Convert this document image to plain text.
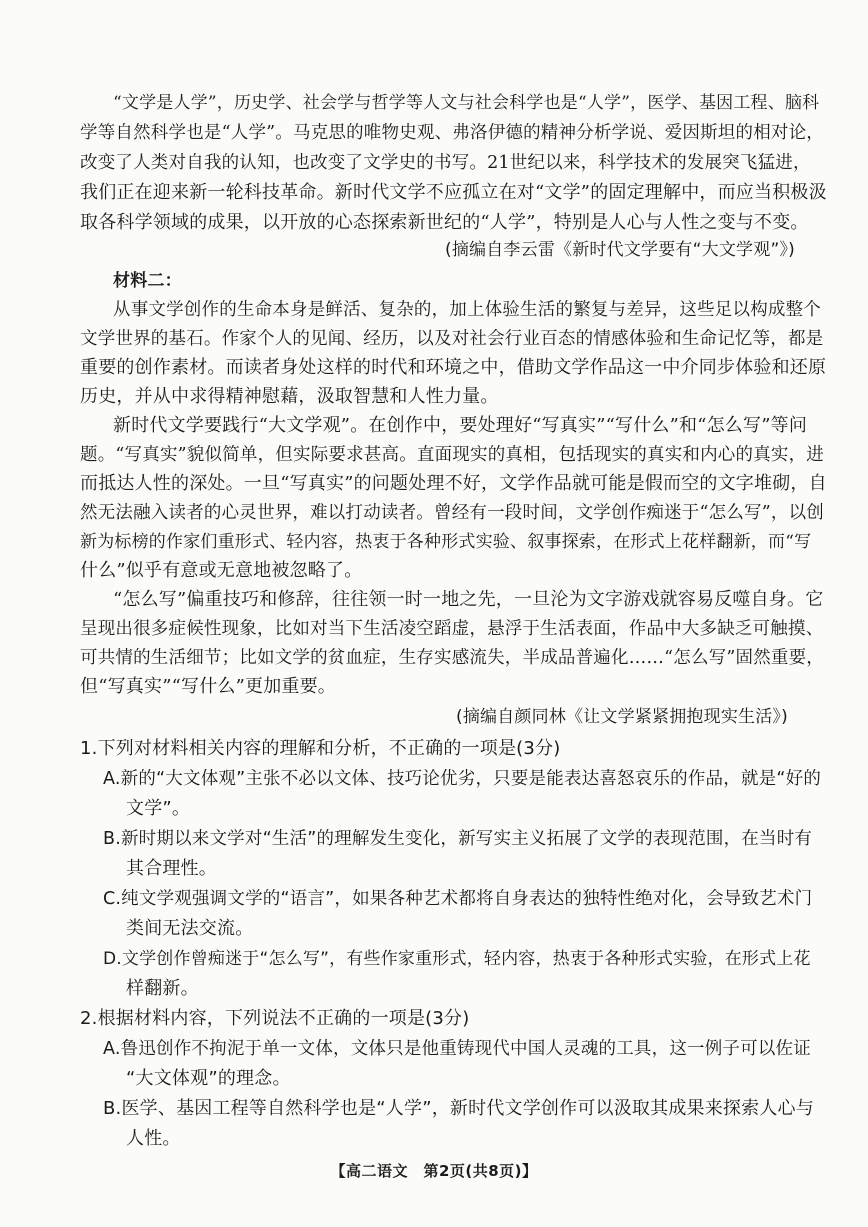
“文学是人学”，历史学、社会学与哲学等人文与社会科学也是“人学”，医学、基因工程、脑科
学等自然科学也是“人学”。马克思的唯物史观、弗洛伊德的精神分析学说、爱因斯坦的相对论，
改变了人类对自我的认知，也改变了文学史的书写。21世纪以来，科学技术的发展突飞猛进，
我们正在迎来新一轮科技革命。新时代文学不应孤立在对“文学”的固定理解中，而应当积极汲
取各科学领域的成果，以开放的心态探索新世纪的“人学”，特别是人心与人性之变与不变。
(摘编自李云雷《新时代文学要有“大文学观”》)
材料二：
从事文学创作的生命本身是鲜活、复杂的，加上体验生活的繁复与差异，这些足以构成整个
文学世界的基石。作家个人的见闻、经历，以及对社会行业百态的情感体验和生命记忆等，都是
重要的创作素材。而读者身处这样的时代和环境之中，借助文学作品这一中介同步体验和还原
历史，并从中求得精神慰藉，汲取智慧和人性力量。
新时代文学要践行“大文学观”。在创作中，要处理好“写真实”“写什么”和“怎么写”等问
题。“写真实”貌似简单，但实际要求甚高。直面现实的真相，包括现实的真实和内心的真实，进
而抵达人性的深处。一旦“写真实”的问题处理不好，文学作品就可能是假而空的文字堆砌，自
然无法融入读者的心灵世界，难以打动读者。曾经有一段时间，文学创作痴迷于“怎么写”，以创
新为标榜的作家们重形式、轻内容，热衷于各种形式实验、叙事探索，在形式上花样翻新，而“写
什么”似乎有意或无意地被忽略了。
“怎么写”偏重技巧和修辞，往往领一时一地之先，一旦沦为文字游戏就容易反噬自身。它
呈现出很多症候性现象，比如对当下生活凌空蹈虚，悬浮于生活表面，作品中大多缺乏可触摸、
可共情的生活细节；比如文学的贫血症，生存实感流失，半成品普遍化……“怎么写”固然重要，
但“写真实”“写什么”更加重要。
(摘编自颜同林《让文学紧紧拥抱现实生活》)
1.下列对材料相关内容的理解和分析，不正确的一项是(3分)
A.新的“大文体观”主张不必以文体、技巧论优劣，只要是能表达喜怒哀乐的作品，就是“好的
文学”。
B.新时期以来文学对“生活”的理解发生变化，新写实主义拓展了文学的表现范围，在当时有
其合理性。
C.纯文学观强调文学的“语言”，如果各种艺术都将自身表达的独特性绝对化，会导致艺术门
类间无法交流。
D.文学创作曾痴迷于“怎么写”，有些作家重形式，轻内容，热衷于各种形式实验，在形式上花
样翻新。
2.根据材料内容，下列说法不正确的一项是(3分)
A.鲁迅创作不拘泥于单一文体，文体只是他重铸现代中国人灵魂的工具，这一例子可以佐证
“大文体观”的理念。
B.医学、基因工程等自然科学也是“人学”，新时代文学创作可以汲取其成果来探索人心与
人性。
【高二语文　第2页(共8页)】
